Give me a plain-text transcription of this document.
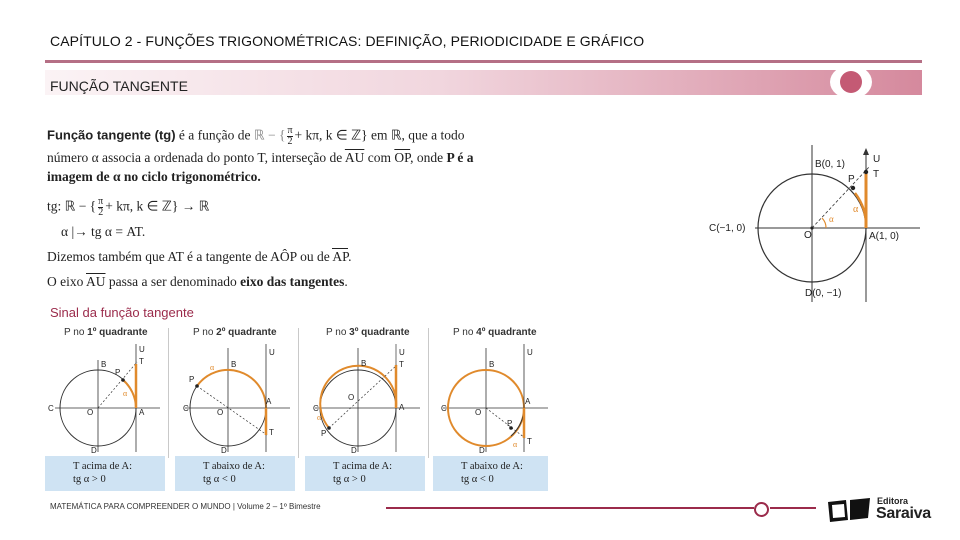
CAPÍTULO 2 - FUNÇÕES TRIGONOMÉTRICAS: DEFINIÇÃO, PERIODICIDADE E GRÁFICO
FUNÇÃO TANGENTE
Função tangente (tg) é a função de ℝ − { $\frac{\pi}{2} + k\pi$, k ∈ ℤ} em ℝ, que a todo
número α associa a ordenada do ponto T, interseção de $\overline{AU}$ com $\overline{OP}$, onde P é a
imagem de α no ciclo trigonométrico.
tg: ℝ − { $\frac{\pi}{2} + k\pi$, k ∈ ℤ} → ℝ
α |→ tg α = AT.
Dizemos também que AT é a tangente de AÔP ou de AP.
O eixo $\overline{AU}$ passa a ser denominado eixo das tangentes.
B(0, 1)
C(−1, 0)
O	A(1, 0)
D(0, −1)
U
T
P
α
α
Sinal da função tangente
P no 1º quadrante	P no 2º quadrante	P no 3º quadrante	P no 4º quadrante
P
U
T
B
C	O	A
D
α
P
U
T
B
C	O
A
D
α
P
U
T
B
C
O
A
D
α

P
U
T
B
C	O
A
D
α
T acima de A:
tg α > 0
T abaixo de A:
tg α < 0
T acima de A:
tg α > 0
T abaixo de A:
tg α < 0
MATEMÁTICA PARA COMPREENDER O MUNDO | Volume 2 – 1º Bimestre
Editora
Saraiva
